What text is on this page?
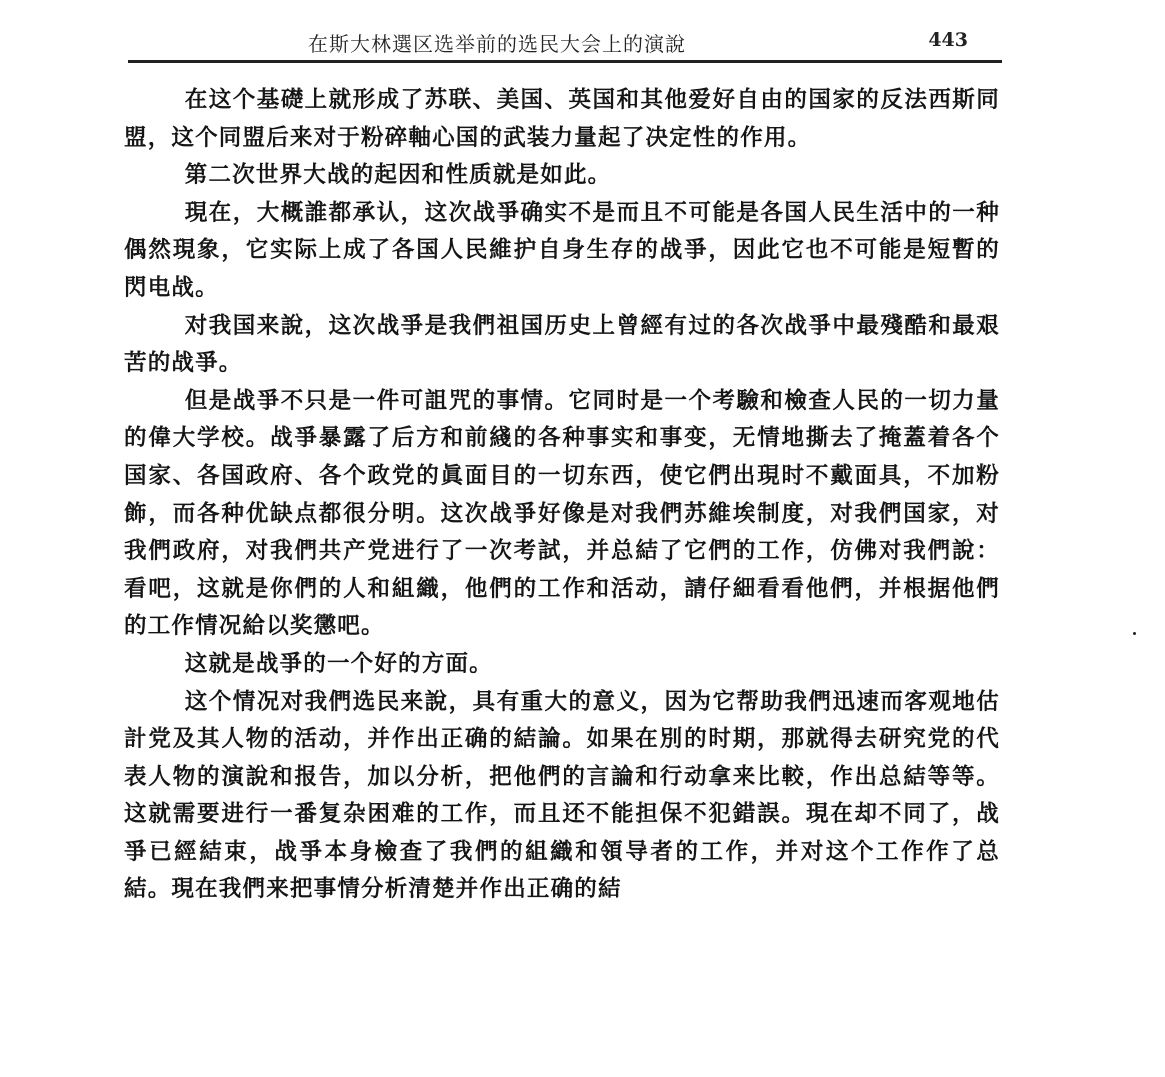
在斯大林選区选举前的选民大会上的演說	443

在这个基礎上就形成了苏联、美国、英国和其他爱好自由的国家的反法西斯同盟，这个同盟后来对于粉碎軸心国的武装力量起了决定性的作用。

第二次世界大战的起因和性质就是如此。

現在，大概誰都承认，这次战爭确实不是而且不可能是各国人民生活中的一种偶然現象，它实际上成了各国人民維护自身生存的战爭，因此它也不可能是短暫的閃电战。

对我国来說，这次战爭是我們祖国历史上曾經有过的各次战爭中最殘酷和最艰苦的战爭。

但是战爭不只是一件可詛咒的事情。它同时是一个考驗和檢查人民的一切力量的偉大学校。战爭暴露了后方和前綫的各种事实和事变，无情地撕去了掩蓋着各个国家、各国政府、各个政党的眞面目的一切东西，使它們出現时不戴面具，不加粉飾，而各种优缺点都很分明。这次战爭好像是对我們苏維埃制度，对我們国家，对我們政府，对我們共产党进行了一次考試，并总結了它們的工作，仿佛对我們說：看吧，这就是你們的人和組織，他們的工作和活动，請仔細看看他們，并根据他們的工作情况給以奖懲吧。

这就是战爭的一个好的方面。

这个情况对我們选民来說，具有重大的意义，因为它帮助我們迅速而客观地估計党及其人物的活动，并作出正确的結論。如果在別的时期，那就得去研究党的代表人物的演說和报告，加以分析，把他們的言論和行动拿来比較，作出总結等等。这就需要进行一番复杂困难的工作，而且还不能担保不犯錯誤。現在却不同了，战爭已經結束，战爭本身檢查了我們的組織和領导者的工作，并对这个工作作了总結。現在我們来把事情分析清楚并作出正确的結
